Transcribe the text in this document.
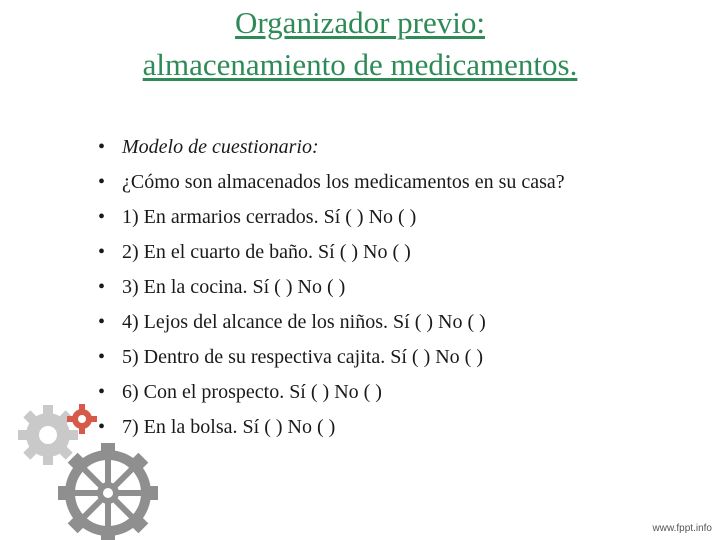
Organizador previo:
almacenamiento de medicamentos.
• Modelo de cuestionario:
• ¿Cómo son almacenados los medicamentos en su casa?
• 1) En armarios cerrados. Sí ( ) No ( )
• 2) En el cuarto de baño. Sí ( ) No ( )
• 3) En la cocina. Sí ( ) No ( )
• 4) Lejos del alcance de los niños. Sí ( ) No ( )
• 5) Dentro de su respectiva cajita. Sí ( ) No ( )
• 6) Con el prospecto. Sí ( ) No ( )
• 7) En la bolsa. Sí ( ) No ( )
www.fppt.info
